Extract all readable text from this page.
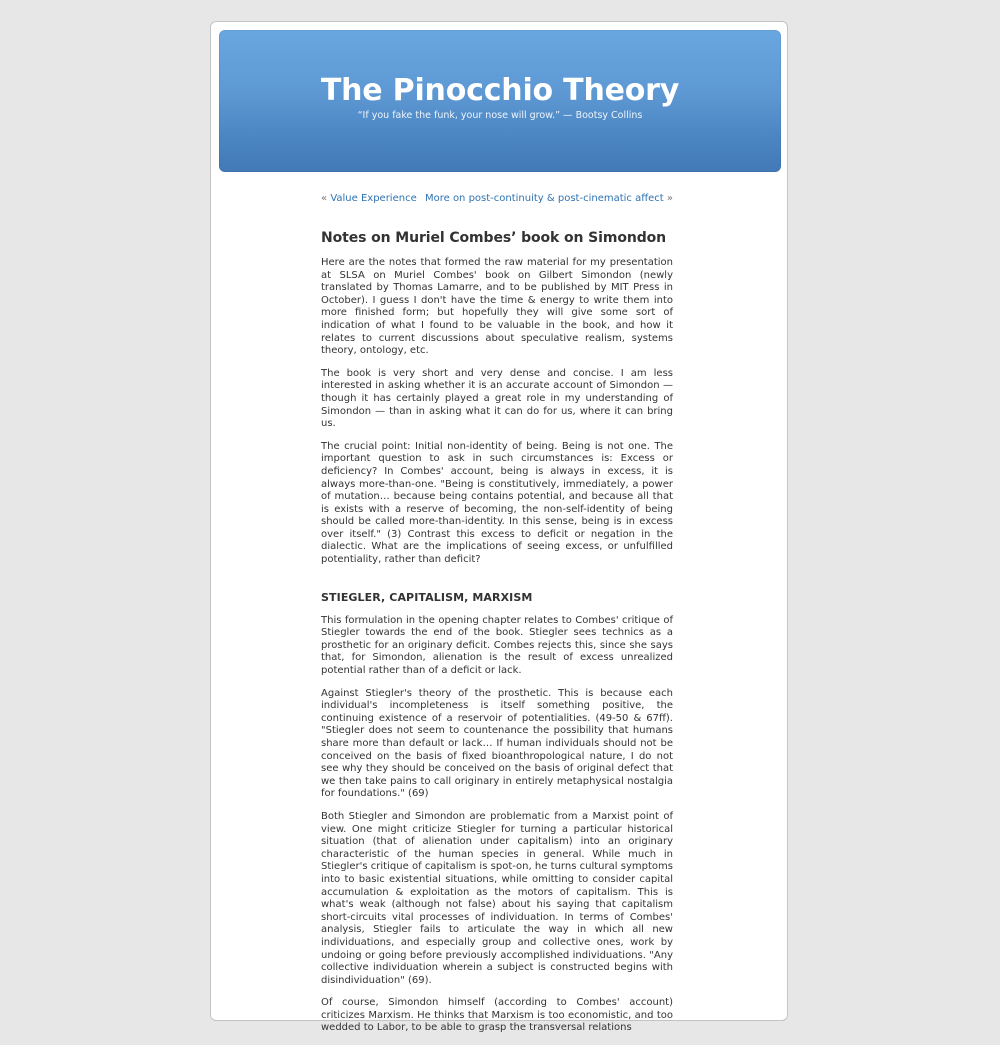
The Pinocchio Theory
“If you fake the funk, your nose will grow.” — Bootsy Collins
« Value Experience More on post-continuity & post-cinematic affect »
Notes on Muriel Combes’ book on Simondon

Here are the notes that formed the raw material for my presentation at SLSA on Muriel Combes' book on Gilbert Simondon (newly translated by Thomas Lamarre, and to be published by MIT Press in October). I guess I don't have the time & energy to write them into more finished form; but hopefully they will give some sort of indication of what I found to be valuable in the book, and how it relates to current discussions about speculative realism, systems theory, ontology, etc.

The book is very short and very dense and concise. I am less interested in asking whether it is an accurate account of Simondon — though it has certainly played a great role in my understanding of Simondon — than in asking what it can do for us, where it can bring us.

The crucial point: Initial non-identity of being. Being is not one. The important question to ask in such circumstances is: Excess or deficiency? In Combes' account, being is always in excess, it is always more-than-one. "Being is constitutively, immediately, a power of mutation… because being contains potential, and because all that is exists with a reserve of becoming, the non-self-identity of being should be called more-than-identity. In this sense, being is in excess over itself." (3) Contrast this excess to deficit or negation in the dialectic. What are the implications of seeing excess, or unfulfilled potentiality, rather than deficit?

STIEGLER, CAPITALISM, MARXISM

This formulation in the opening chapter relates to Combes' critique of Stiegler towards the end of the book. Stiegler sees technics as a prosthetic for an originary deficit. Combes rejects this, since she says that, for Simondon, alienation is the result of excess unrealized potential rather than of a deficit or lack.

Against Stiegler's theory of the prosthetic. This is because each individual's incompleteness is itself something positive, the continuing existence of a reservoir of potentialities. (49-50 & 67ff). "Stiegler does not seem to countenance the possibility that humans share more than default or lack… If human individuals should not be conceived on the basis of fixed bioanthropological nature, I do not see why they should be conceived on the basis of original defect that we then take pains to call originary in entirely metaphysical nostalgia for foundations." (69)

Both Stiegler and Simondon are problematic from a Marxist point of view. One might criticize Stiegler for turning a particular historical situation (that of alienation under capitalism) into an originary characteristic of the human species in general. While much in Stiegler's critique of capitalism is spot-on, he turns cultural symptoms into to basic existential situations, while omitting to consider capital accumulation & exploitation as the motors of capitalism. This is what's weak (although not false) about his saying that capitalism short-circuits vital processes of individuation. In terms of Combes' analysis, Stiegler fails to articulate the way in which all new individuations, and especially group and collective ones, work by undoing or going before previously accomplished individuations. "Any collective individuation wherein a subject is constructed begins with disindividuation" (69).

Of course, Simondon himself (according to Combes' account) criticizes Marxism. He thinks that Marxism is too economistic, and too wedded to Labor, to be able to grasp the transversal relations
